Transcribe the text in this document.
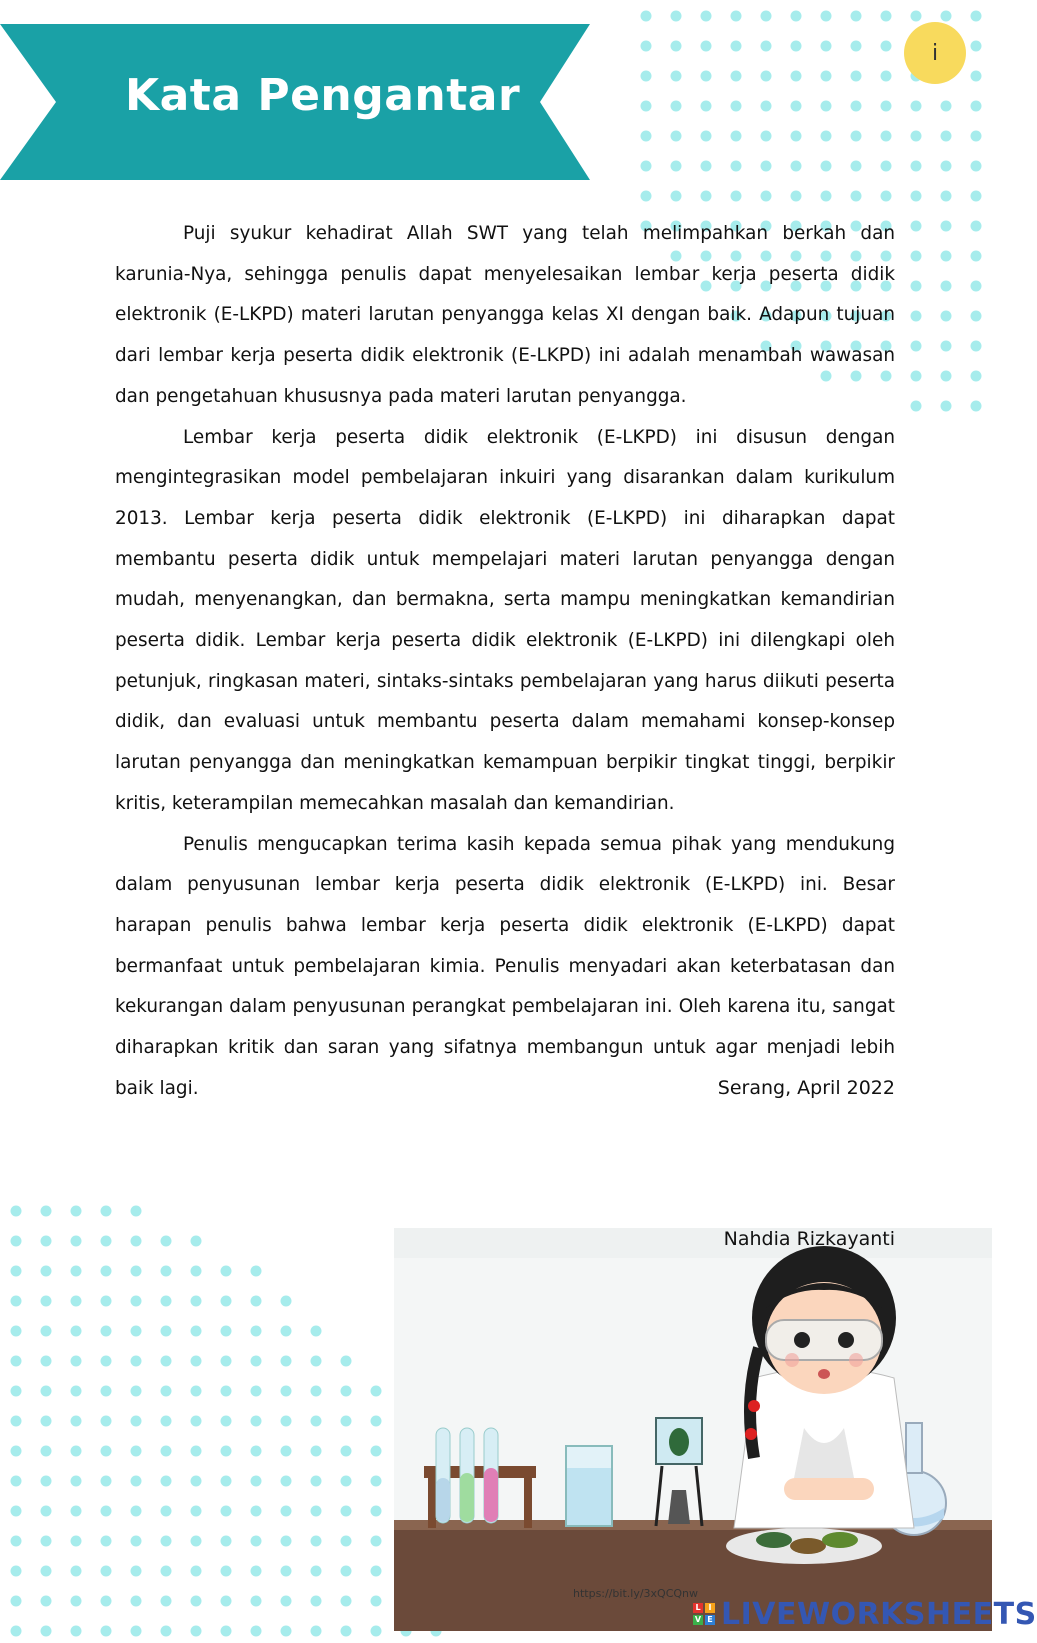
Kata Pengantar
i

Puji syukur kehadirat Allah SWT yang telah melimpahkan berkah dan karunia-Nya, sehingga penulis dapat menyelesaikan lembar kerja peserta didik elektronik (E-LKPD) materi larutan penyangga kelas XI dengan baik. Adapun tujuan dari lembar kerja peserta didik elektronik (E-LKPD) ini adalah menambah wawasan dan pengetahuan khususnya pada materi larutan penyangga.

Lembar kerja peserta didik elektronik (E-LKPD) ini disusun dengan mengintegrasikan model pembelajaran inkuiri yang disarankan dalam kurikulum 2013. Lembar kerja peserta didik elektronik (E-LKPD) ini diharapkan dapat membantu peserta didik untuk mempelajari materi larutan penyangga dengan mudah, menyenangkan, dan bermakna, serta mampu meningkatkan kemandirian peserta didik. Lembar kerja peserta didik elektronik (E-LKPD) ini dilengkapi oleh petunjuk, ringkasan materi, sintaks-sintaks pembelajaran yang harus diikuti peserta didik, dan evaluasi untuk membantu peserta dalam memahami konsep-konsep larutan penyangga dan meningkatkan kemampuan berpikir tingkat tinggi, berpikir kritis, keterampilan memecahkan masalah dan kemandirian.

Penulis mengucapkan terima kasih kepada semua pihak yang mendukung dalam penyusunan lembar kerja peserta didik elektronik (E-LKPD) ini. Besar harapan penulis bahwa lembar kerja peserta didik elektronik (E-LKPD) dapat bermanfaat untuk pembelajaran kimia. Penulis menyadari akan keterbatasan dan kekurangan dalam penyusunan perangkat pembelajaran ini. Oleh karena itu, sangat diharapkan kritik dan saran yang sifatnya membangun untuk agar menjadi lebih baik lagi.	Serang, April 2022
Nahdia Rizkayanti
https://bit.ly/3xQCQnw
L I
V E LIVEWORKSHEETS
